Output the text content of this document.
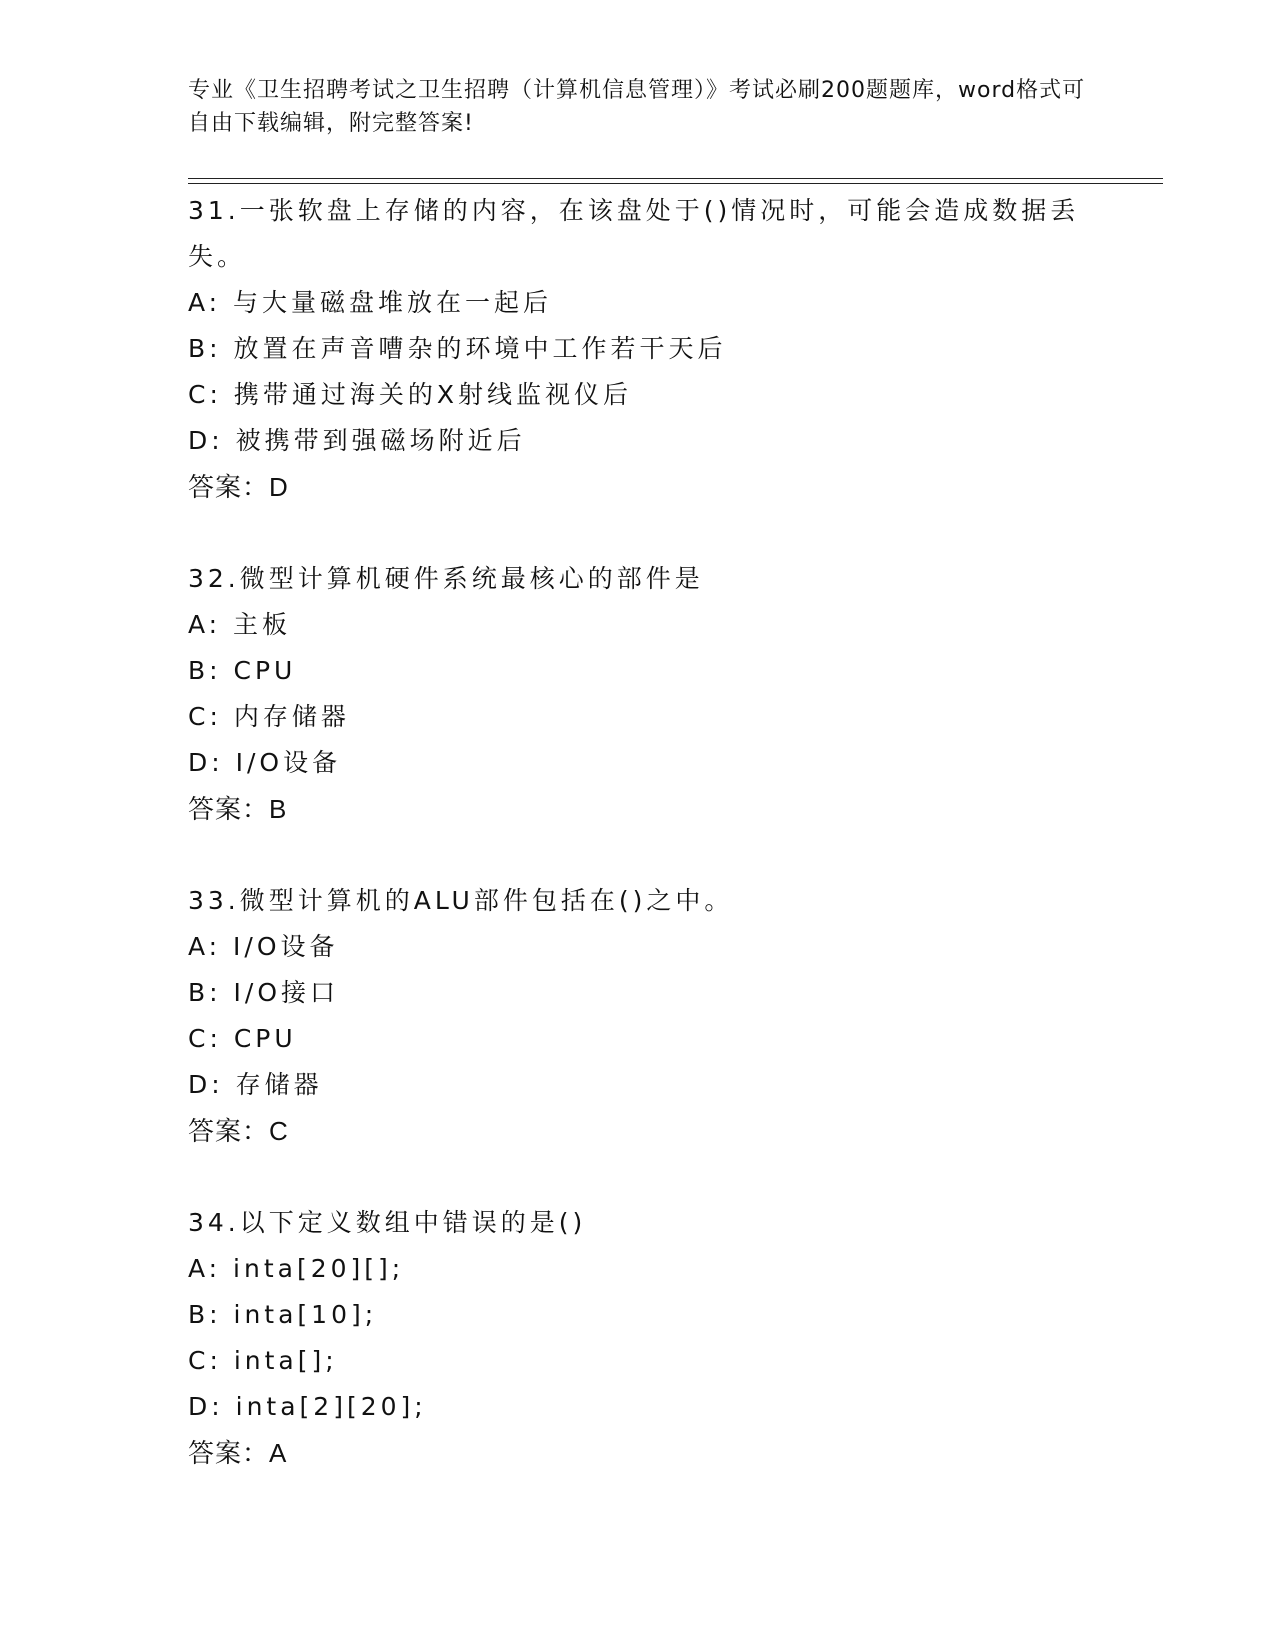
专业《卫生招聘考试之卫生招聘（计算机信息管理）》考试必刷200题题库，word格式可自由下载编辑，附完整答案!
31.一张软盘上存储的内容，在该盘处于()情况时，可能会造成数据丢失。
A: 与大量磁盘堆放在一起后
B: 放置在声音嘈杂的环境中工作若干天后
C: 携带通过海关的X射线监视仪后
D: 被携带到强磁场附近后
答案：D
32.微型计算机硬件系统最核心的部件是
A: 主板
B: CPU
C: 内存储器
D: I/O设备
答案：B
33.微型计算机的ALU部件包括在()之中。
A: I/O设备
B: I/O接口
C: CPU
D: 存储器
答案：C
34.以下定义数组中错误的是()
A: inta[20][];
B: inta[10];
C: inta[];
D: inta[2][20];
答案：A
